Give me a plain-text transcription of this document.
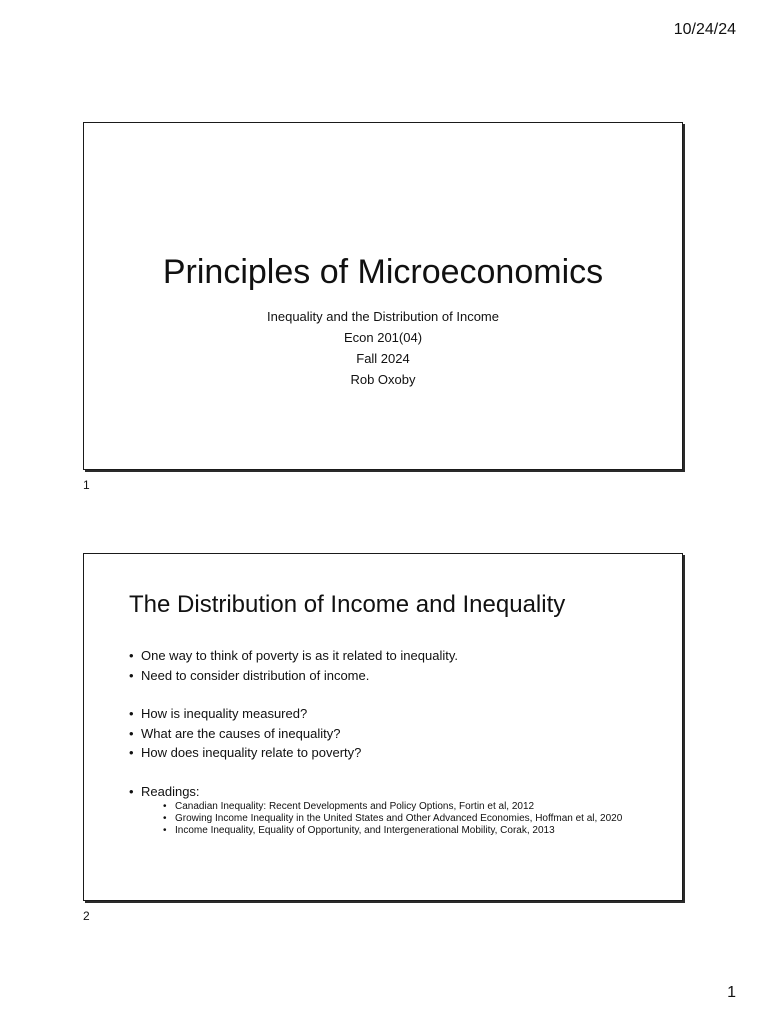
10/24/24
Principles of Microeconomics
Inequality and the Distribution of Income
Econ 201(04)
Fall 2024
Rob Oxoby
1
The Distribution of Income and Inequality
• One way to think of poverty is as it related to inequality.
• Need to consider distribution of income.
• How is inequality measured?
• What are the causes of inequality?
• How does inequality relate to poverty?
• Readings:
• Canadian Inequality: Recent Developments and Policy Options, Fortin et al, 2012
• Growing Income Inequality in the United States and Other Advanced Economies, Hoffman et al, 2020
• Income Inequality, Equality of Opportunity, and Intergenerational Mobility, Corak, 2013
2
1
